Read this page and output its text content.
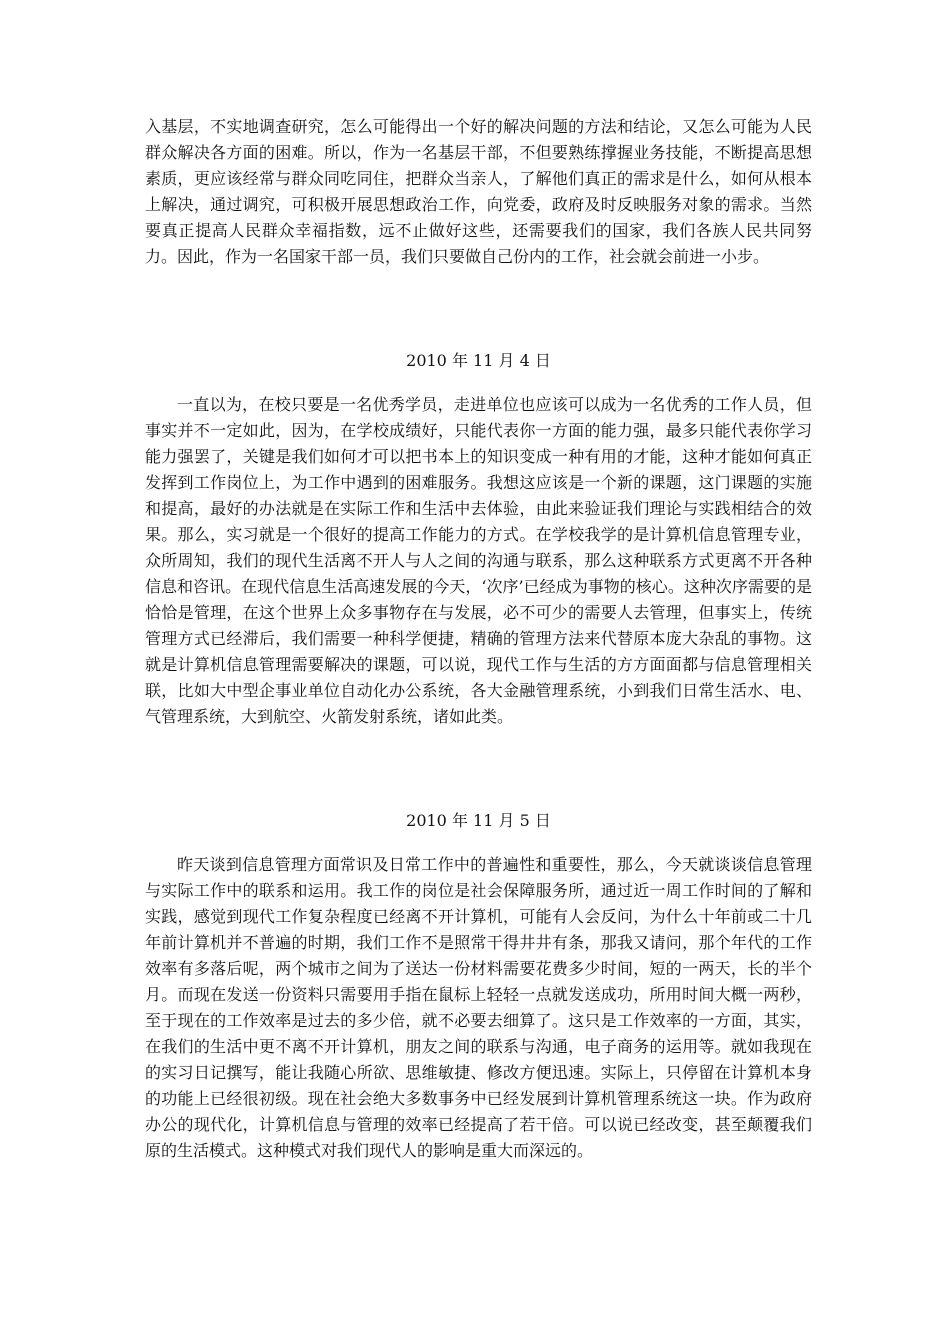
入基层，不实地调查研究，怎么可能得出一个好的解决问题的方法和结论，又怎么可能为人民群众解决各方面的困难。所以，作为一名基层干部，不但要熟练撑握业务技能，不断提高思想素质，更应该经常与群众同吃同住，把群众当亲人，了解他们真正的需求是什么，如何从根本上解决，通过调究，可积极开展思想政治工作，向党委，政府及时反映服务对象的需求。当然要真正提高人民群众幸福指数，远不止做好这些，还需要我们的国家，我们各族人民共同努力。因此，作为一名国家干部一员，我们只要做自己份内的工作，社会就会前进一小步。

2010 年 11 月 4 日

一直以为，在校只要是一名优秀学员，走进单位也应该可以成为一名优秀的工作人员，但事实并不一定如此，因为，在学校成绩好，只能代表你一方面的能力强，最多只能代表你学习能力强罢了，关键是我们如何才可以把书本上的知识变成一种有用的才能，这种才能如何真正发挥到工作岗位上，为工作中遇到的困难服务。我想这应该是一个新的课题，这门课题的实施和提高，最好的办法就是在实际工作和生活中去体验，由此来验证我们理论与实践相结合的效果。那么，实习就是一个很好的提高工作能力的方式。在学校我学的是计算机信息管理专业，众所周知，我们的现代生活离不开人与人之间的沟通与联系，那么这种联系方式更离不开各种信息和咨讯。在现代信息生活高速发展的今天，‘次序’已经成为事物的核心。这种次序需要的是恰恰是管理，在这个世界上众多事物存在与发展，必不可少的需要人去管理，但事实上，传统管理方式已经滞后，我们需要一种科学便捷，精确的管理方法来代替原本庞大杂乱的事物。这就是计算机信息管理需要解决的课题，可以说，现代工作与生活的方方面面都与信息管理相关联，比如大中型企事业单位自动化办公系统，各大金融管理系统，小到我们日常生活水、电、气管理系统，大到航空、火箭发射系统，诸如此类。

2010 年 11 月 5 日

昨天谈到信息管理方面常识及日常工作中的普遍性和重要性，那么，今天就谈谈信息管理与实际工作中的联系和运用。我工作的岗位是社会保障服务所，通过近一周工作时间的了解和实践，感觉到现代工作复杂程度已经离不开计算机，可能有人会反问，为什么十年前或二十几年前计算机并不普遍的时期，我们工作不是照常干得井井有条，那我又请问，那个年代的工作效率有多落后呢，两个城市之间为了送达一份材料需要花费多少时间，短的一两天，长的半个月。而现在发送一份资料只需要用手指在鼠标上轻轻一点就发送成功，所用时间大概一两秒，至于现在的工作效率是过去的多少倍，就不必要去细算了。这只是工作效率的一方面，其实，在我们的生活中更不离不开计算机，朋友之间的联系与沟通，电子商务的运用等。就如我现在的实习日记撰写，能让我随心所欲、思维敏捷、修改方便迅速。实际上，只停留在计算机本身的功能上已经很初级。现在社会绝大多数事务中已经发展到计算机管理系统这一块。作为政府办公的现代化，计算机信息与管理的效率已经提高了若干倍。可以说已经改变，甚至颠覆我们原的生活模式。这种模式对我们现代人的影响是重大而深远的。
